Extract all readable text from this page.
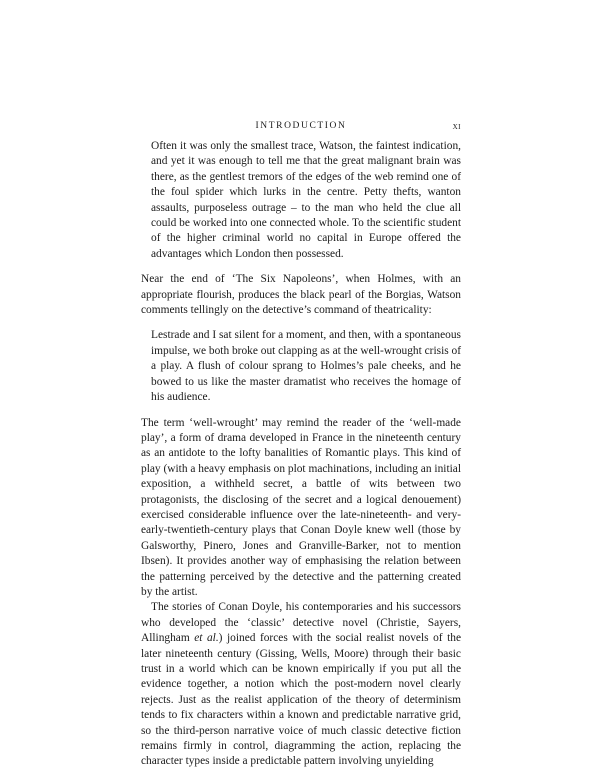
INTRODUCTION	xi

Often it was only the smallest trace, Watson, the faintest indication, and yet it was enough to tell me that the great malignant brain was there, as the gentlest tremors of the edges of the web remind one of the foul spider which lurks in the centre. Petty thefts, wanton assaults, purposeless outrage – to the man who held the clue all could be worked into one connected whole. To the scientific student of the higher criminal world no capital in Europe offered the advantages which London then possessed.

Near the end of ‘The Six Napoleons’, when Holmes, with an appropriate flourish, produces the black pearl of the Borgias, Watson comments tellingly on the detective’s command of theatricality:

Lestrade and I sat silent for a moment, and then, with a spontaneous impulse, we both broke out clapping as at the well-wrought crisis of a play. A flush of colour sprang to Holmes’s pale cheeks, and he bowed to us like the master dramatist who receives the homage of his audience.

The term ‘well-wrought’ may remind the reader of the ‘well-made play’, a form of drama developed in France in the nineteenth century as an antidote to the lofty banalities of Romantic plays. This kind of play (with a heavy emphasis on plot machinations, including an initial exposition, a withheld secret, a battle of wits between two protagonists, the disclosing of the secret and a logical denouement) exercised considerable influence over the late-nineteenth- and very-early-twentieth-century plays that Conan Doyle knew well (those by Galsworthy, Pinero, Jones and Granville-Barker, not to mention Ibsen). It provides another way of emphasising the relation between the patterning perceived by the detective and the patterning created by the artist.

The stories of Conan Doyle, his contemporaries and his successors who developed the ‘classic’ detective novel (Christie, Sayers, Allingham et al.) joined forces with the social realist novels of the later nineteenth century (Gissing, Wells, Moore) through their basic trust in a world which can be known empirically if you put all the evidence together, a notion which the post-modern novel clearly rejects. Just as the realist application of the theory of determinism tends to fix characters within a known and predictable narrative grid, so the third-person narrative voice of much classic detective fiction remains firmly in control, diagramming the action, replacing the character types inside a predictable pattern involving unyielding
